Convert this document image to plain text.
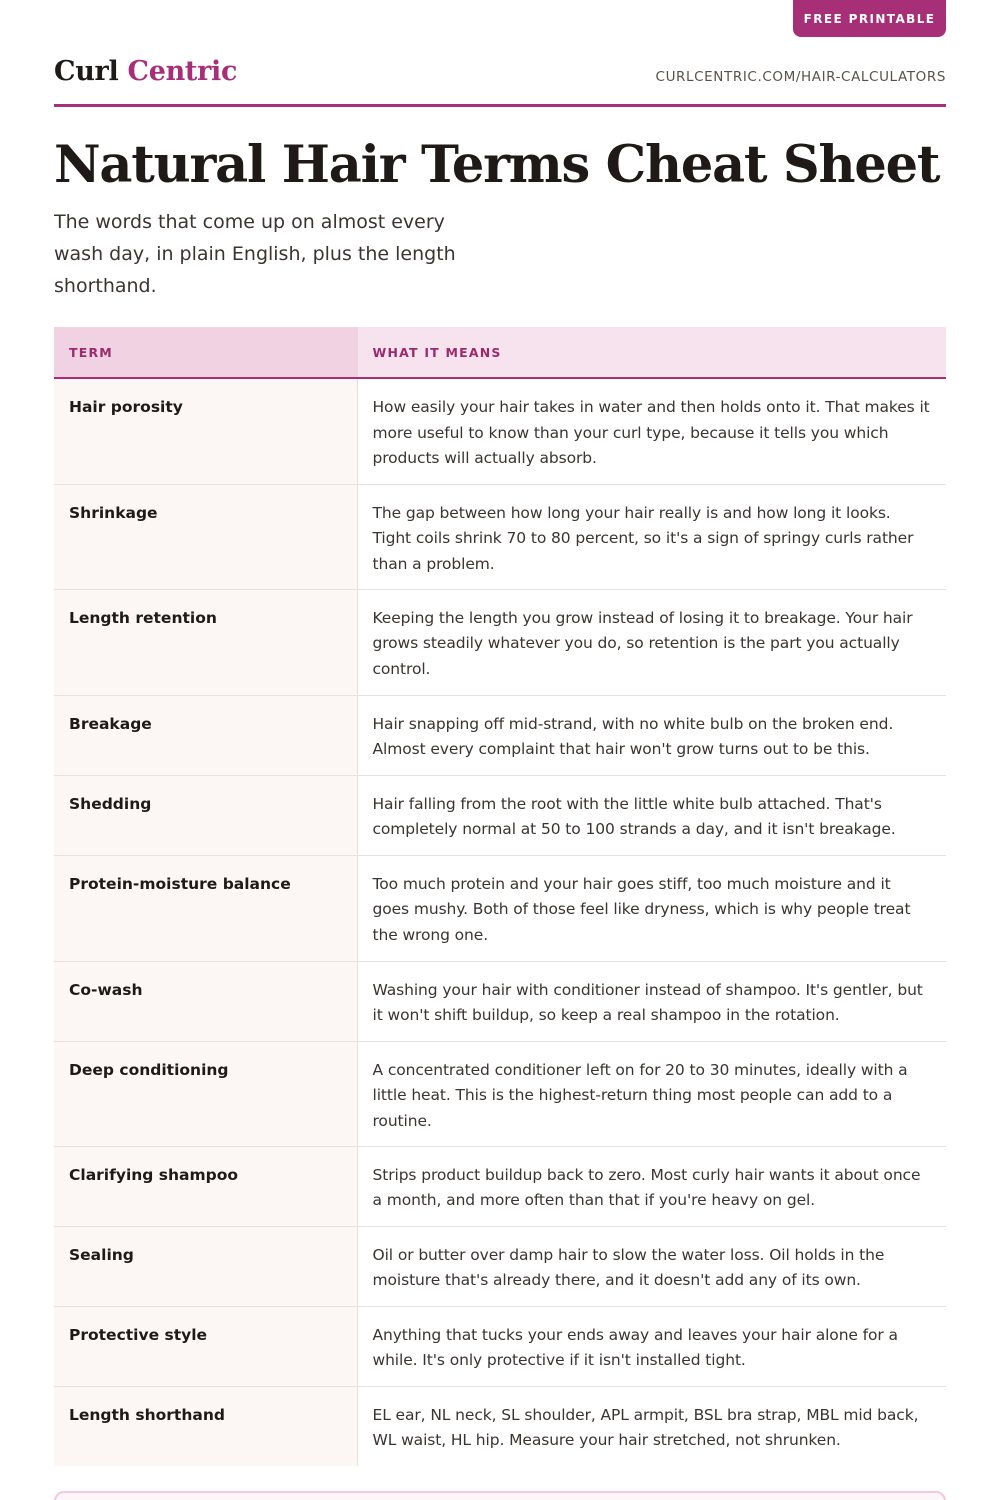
FREE PRINTABLE
Curl Centric	CURLCENTRIC.COM/HAIR-CALCULATORS
Natural Hair Terms Cheat Sheet

The words that come up on almost every wash day, in plain English, plus the length shorthand.

TERM	WHAT IT MEANS
Hair porosity	How easily your hair takes in water and then holds onto it. That makes it more useful to know than your curl type, because it tells you which products will actually absorb.
Shrinkage	The gap between how long your hair really is and how long it looks. Tight coils shrink 70 to 80 percent, so it's a sign of springy curls rather than a problem.
Length retention	Keeping the length you grow instead of losing it to breakage. Your hair grows steadily whatever you do, so retention is the part you actually control.
Breakage	Hair snapping off mid-strand, with no white bulb on the broken end. Almost every complaint that hair won't grow turns out to be this.
Shedding	Hair falling from the root with the little white bulb attached. That's completely normal at 50 to 100 strands a day, and it isn't breakage.
Protein-moisture balance	Too much protein and your hair goes stiff, too much moisture and it goes mushy. Both of those feel like dryness, which is why people treat the wrong one.
Co-wash	Washing your hair with conditioner instead of shampoo. It's gentler, but it won't shift buildup, so keep a real shampoo in the rotation.
Deep conditioning	A concentrated conditioner left on for 20 to 30 minutes, ideally with a little heat. This is the highest-return thing most people can add to a routine.
Clarifying shampoo	Strips product buildup back to zero. Most curly hair wants it about once a month, and more often than that if you're heavy on gel.
Sealing	Oil or butter over damp hair to slow the water loss. Oil holds in the moisture that's already there, and it doesn't add any of its own.
Protective style	Anything that tucks your ends away and leaves your hair alone for a while. It's only protective if it isn't installed tight.
Length shorthand	EL ear, NL neck, SL shoulder, APL armpit, BSL bra strap, MBL mid back, WL waist, HL hip. Measure your hair stretched, not shrunken.
